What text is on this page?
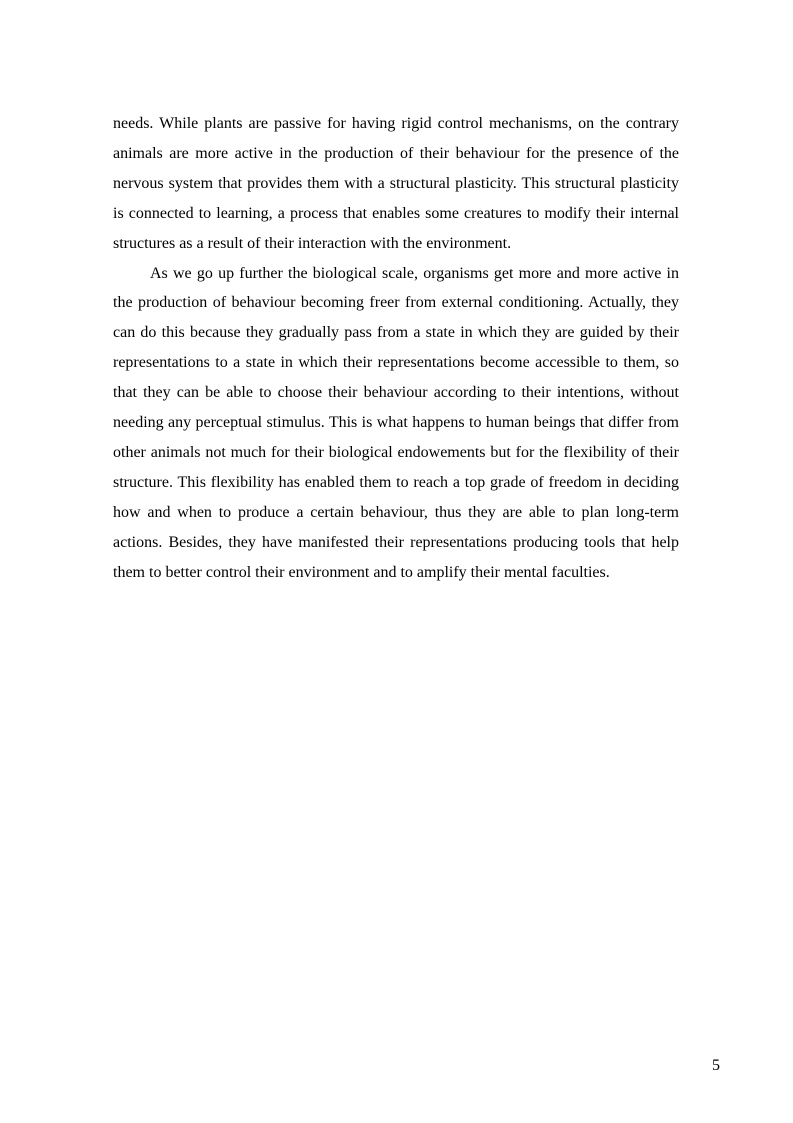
needs. While plants are passive for having rigid control mechanisms, on the contrary animals are more active in the production of their behaviour for the presence of the nervous system that provides them with a structural plasticity. This structural plasticity is connected to learning, a process that enables some creatures to modify their internal structures as a result of their interaction with the environment.

As we go up further the biological scale, organisms get more and more active in the production of behaviour becoming freer from external conditioning. Actually, they can do this because they gradually pass from a state in which they are guided by their representations to a state in which their representations become accessible to them, so that they can be able to choose their behaviour according to their intentions, without needing any perceptual stimulus. This is what happens to human beings that differ from other animals not much for their biological endowements but for the flexibility of their structure. This flexibility has enabled them to reach a top grade of freedom in deciding how and when to produce a certain behaviour, thus they are able to plan long-term actions. Besides, they have manifested their representations producing tools that help them to better control their environment and to amplify their mental faculties.

5
